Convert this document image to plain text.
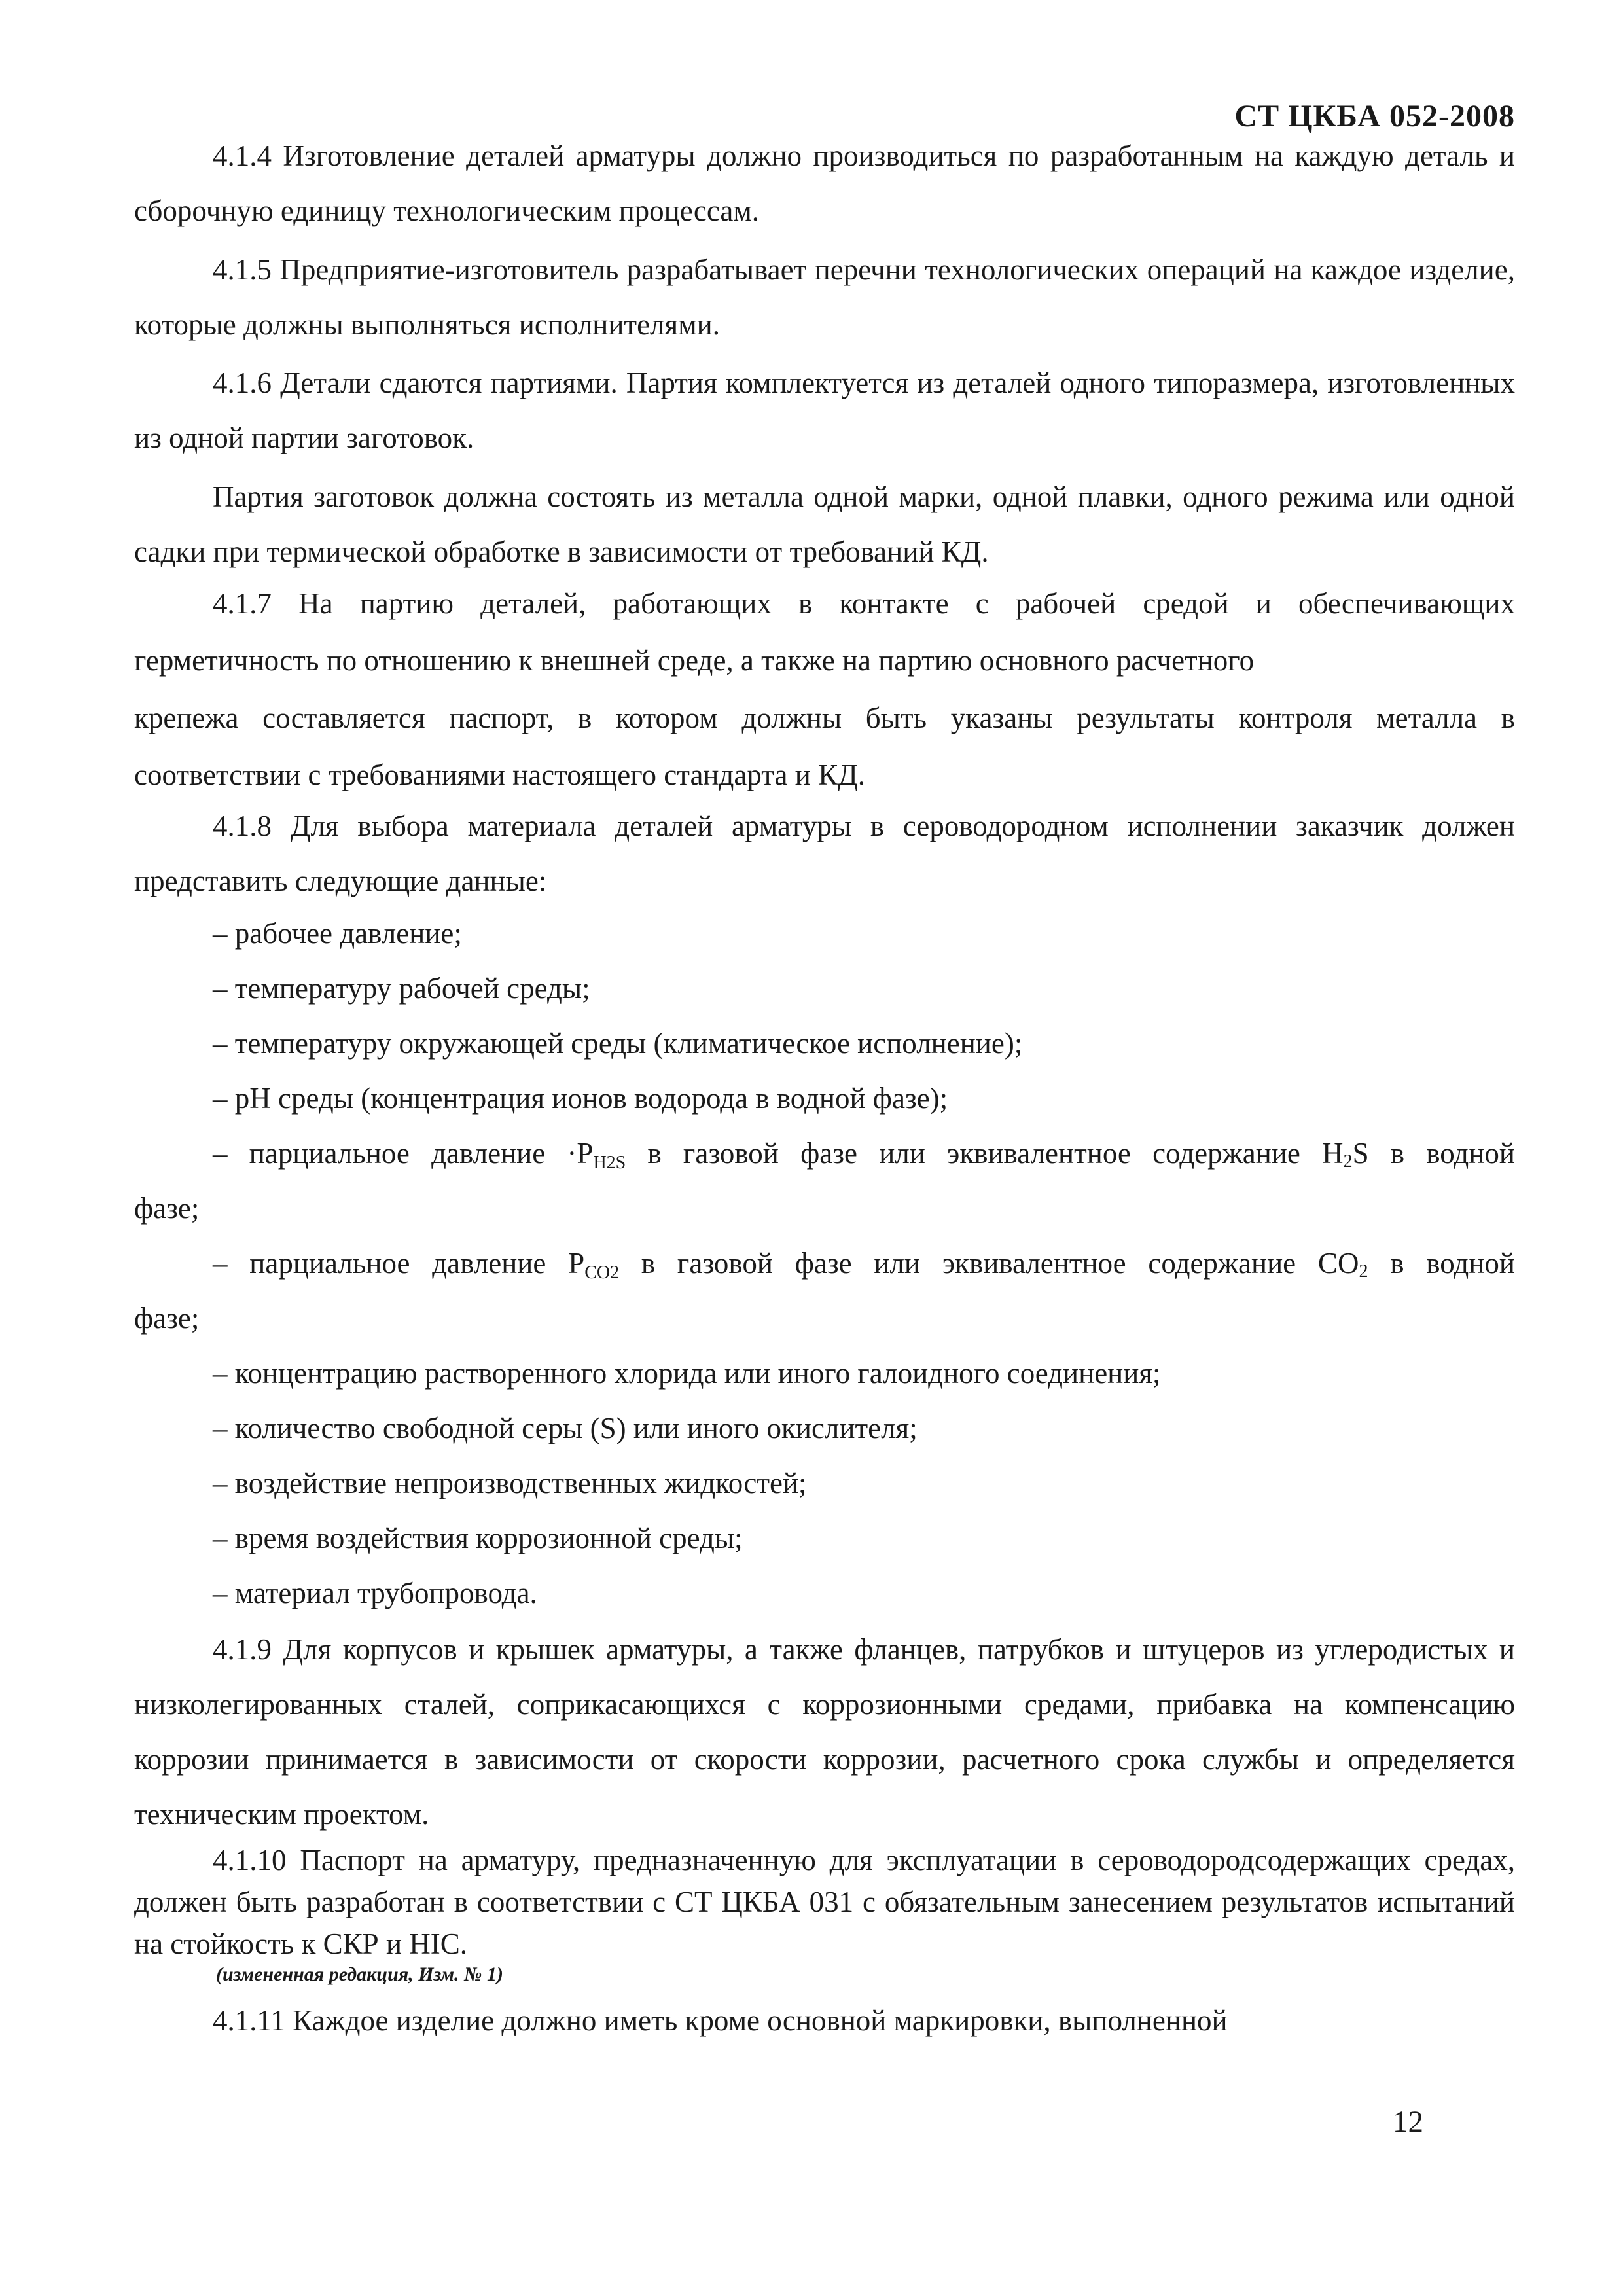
СТ ЦКБА 052-2008

4.1.4 Изготовление деталей арматуры должно производиться по разработанным на каждую деталь и сборочную единицу технологическим процессам.

4.1.5 Предприятие-изготовитель разрабатывает перечни технологических операций на каждое изделие, которые должны выполняться исполнителями.

4.1.6 Детали сдаются партиями. Партия комплектуется из деталей одного типоразмера, изготовленных из одной партии заготовок.

Партия заготовок должна состоять из металла одной марки, одной плавки, одного режима или одной садки при термической обработке в зависимости от требований КД.

4.1.7 На партию деталей, работающих в контакте с рабочей средой и обеспечивающих

герметичность по отношению к внешней среде, а также на партию основного расчетного

крепежа составляется паспорт, в котором должны быть указаны результаты контроля металла в

соответствии с требованиями настоящего стандарта и КД.

4.1.8 Для выбора материала деталей арматуры в сероводородном исполнении заказчик должен представить следующие данные:

– рабочее давление;

– температуру рабочей среды;

– температуру окружающей среды (климатическое исполнение);

– pH среды (концентрация ионов водорода в водной фазе);

– парциальное давление $\cdot P_{H2S}$ в газовой фазе или эквивалентное содержание H2S в водной

фазе;

– парциальное давление $P_{CO2}$ в газовой фазе или эквивалентное содержание CO2 в водной

фазе;

– концентрацию растворенного хлорида или иного галоидного соединения;

– количество свободной серы (S) или иного окислителя;

– воздействие непроизводственных жидкостей;

– время воздействия коррозионной среды;

– материал трубопровода.

4.1.9 Для корпусов и крышек арматуры, а также фланцев, патрубков и штуцеров из углеродистых и низколегированных сталей, соприкасающихся с коррозионными средами, прибавка на компенсацию коррозии принимается в зависимости от скорости коррозии, расчетного срока службы и определяется техническим проектом.

4.1.10 Паспорт на арматуру, предназначенную для эксплуатации в сероводородсодержащих средах, должен быть разработан в соответствии с СТ ЦКБА 031 с обязательным занесением результатов испытаний на стойкость к СКР и HIC.

(измененная редакция, Изм. № 1)

4.1.11 Каждое изделие должно иметь кроме основной маркировки, выполненной

12
